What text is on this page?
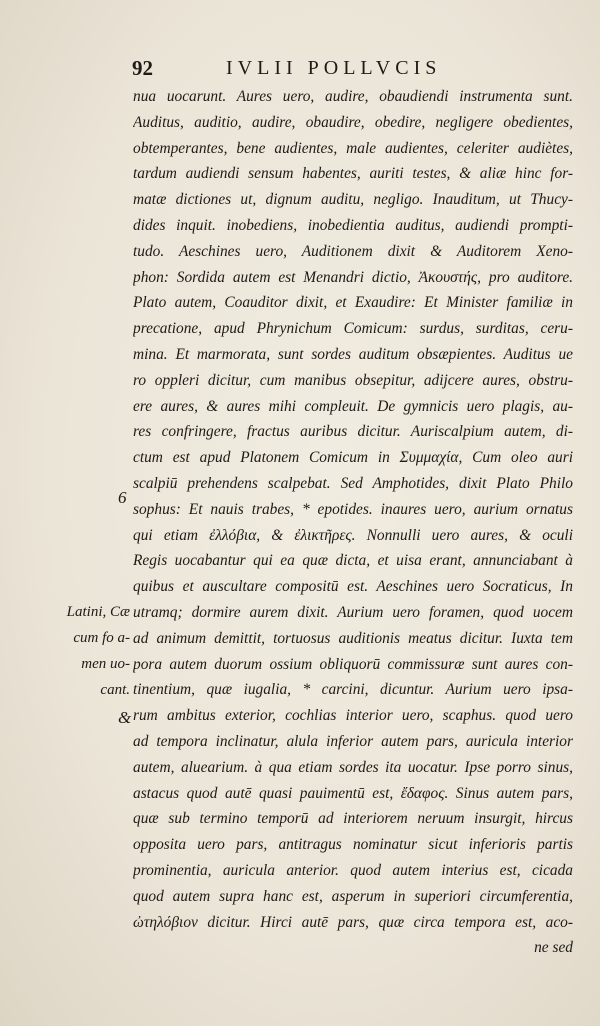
92	IVLII POLLVCIS
nua uocarunt. Aures uero, audire, obaudiendi instrumenta sunt.
Auditus, auditio, audire, obaudire, obedire, negligere obedientes,
obtemperantes, bene audientes, male audientes, celeriter audiètes,
tardum audiendi sensum habentes, auriti testes, & aliæ hinc for-
matæ dictiones ut, dignum auditu, negligo. Inauditum, ut Thucy-
dides inquit. inobediens, inobedientia auditus, audiendi prompti-
tudo. Aeschines uero, Auditionem dixit & Auditorem Xeno-
phon: Sordida autem est Menandri dictio, Ἀκουστής, pro auditore.
Plato autem, Coauditor dixit, et Exaudire: Et Minister familiæ in
precatione, apud Phrynichum Comicum: surdus, surditas, ceru-
mina. Et marmorata, sunt sordes auditum obsæpientes. Auditus ue
ro oppleri dicitur, cum manibus obsepitur, adijcere aures, obstru-
ere aures, & aures mihi compleuit. De gymnicis uero plagis, au-
res confringere, fractus auribus dicitur. Auriscalpium autem, di-
ctum est apud Platonem Comicum in Συμμαχία, Cum oleo auri
scalpiū prehendens scalpebat. Sed Amphotides, dixit Plato Philo
sophus: Et nauis trabes, * epotides. inaures uero, aurium ornatus
qui etiam ἐλλόβια, & ἐλικτῆρες. Nonnulli uero aures, & oculi
Regis uocabantur qui ea quæ dicta, et uisa erant, annunciabant à
quibus et auscultare compositū est. Aeschines uero Socraticus, In
utramq; dormire aurem dixit. Aurium uero foramen, quod uocem
ad animum demittit, tortuosus auditionis meatus dicitur. Iuxta tem
pora autem duorum ossium obliquorū commissuræ sunt aures con-
tinentium, quæ iugalia, * carcini, dicuntur. Aurium uero ipsa-
rum ambitus exterior, cochlias interior uero, scaphus. quod uero
ad tempora inclinatur, alula inferior autem pars, auricula interior
autem, aluearium. à qua etiam sordes ita uocatur. Ipse porro sinus,
astacus quod autē quasi pauimentū est, ἔδαφος. Sinus autem pars,
quæ sub termino temporū ad interiorem neruum insurgit, hircus
opposita uero pars, antitragus nominatur sicut inferioris partis
prominentia, auricula anterior. quod autem interius est, cicada
quod autem supra hanc est, asperum in superiori circumferentia,
ὠτηλόβιον dicitur. Hirci autē pars, quæ circa tempora est, aco-
ne sed
6
Latini, Cæ
cum fo a-
men uo-
cant.
&
